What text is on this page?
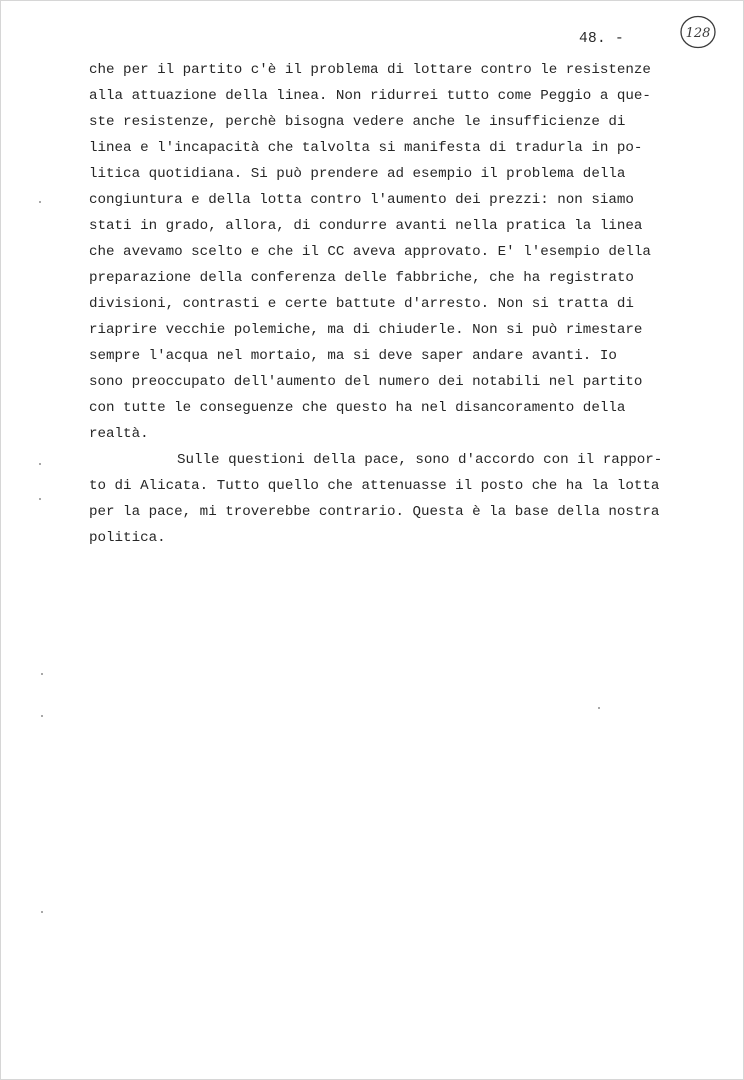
48. -	128
che per il partito c'è il problema di lottare contro le resistenze
alla attuazione della linea. Non ridurrei tutto come Peggio a que-
ste resistenze, perchè bisogna vedere anche le insufficienze di
linea e l'incapacità che talvolta si manifesta di tradurla in po-
litica quotidiana. Si può prendere ad esempio il problema della
congiuntura e della lotta contro l'aumento dei prezzi: non siamo
stati in grado, allora, di condurre avanti nella pratica la linea
che avevamo scelto e che il CC aveva approvato. E' l'esempio della
preparazione della conferenza delle fabbriche, che ha registrato
divisioni, contrasti e certe battute d'arresto. Non si tratta di
riaprire vecchie polemiche, ma di chiuderle. Non si può rimestare
sempre l'acqua nel mortaio, ma si deve saper andare avanti. Io
sono preoccupato dell'aumento del numero dei notabili nel partito
con tutte le conseguenze che questo ha nel disancoramento della
realtà.
Sulle questioni della pace, sono d'accordo con il rappor-
to di Alicata. Tutto quello che attenuasse il posto che ha la lotta
per la pace, mi troverebbe contrario. Questa è la base della nostra
politica.
